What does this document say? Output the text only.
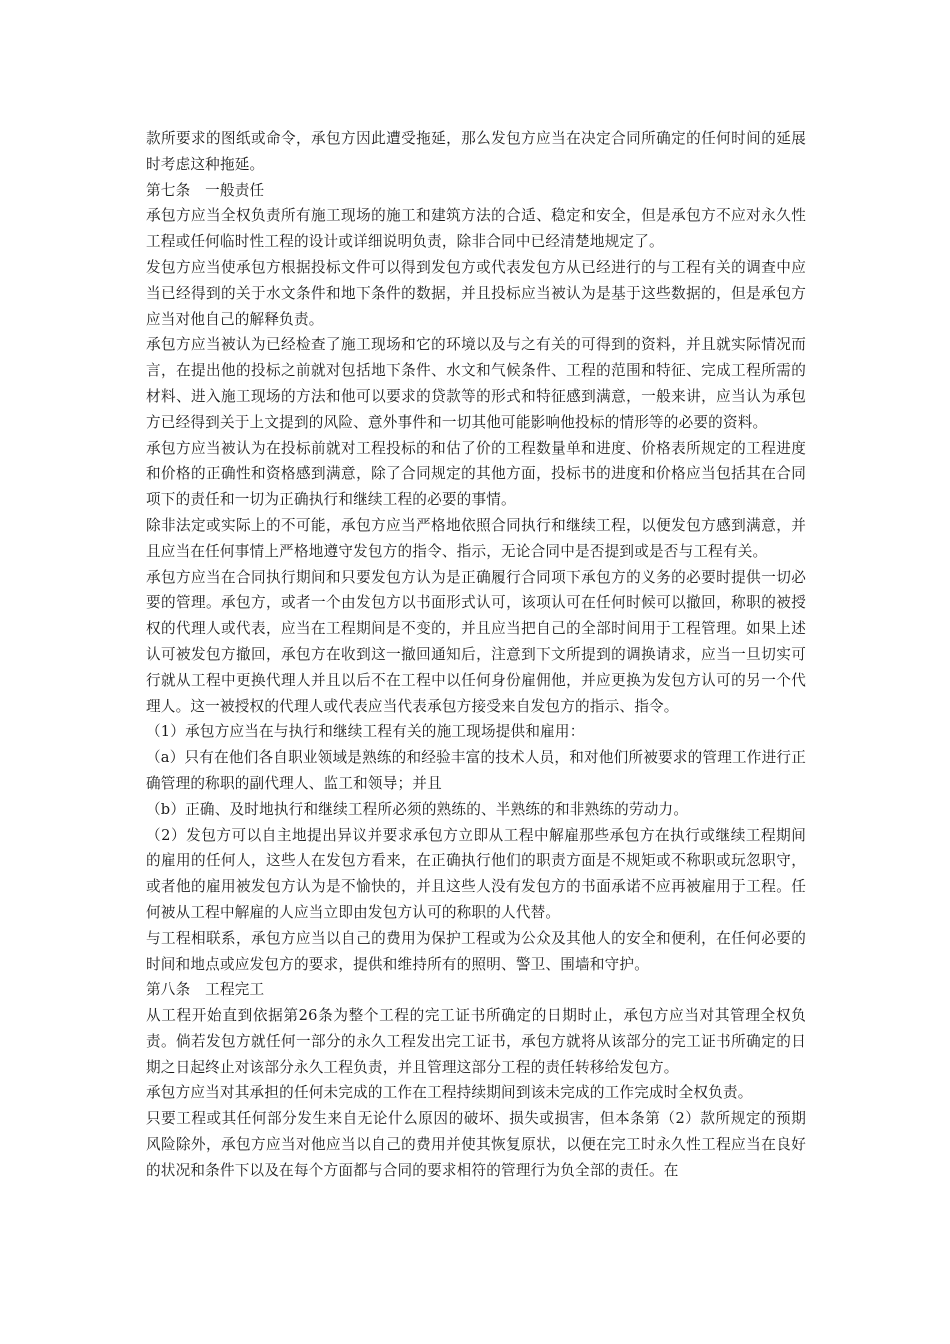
款所要求的图纸或命令，承包方因此遭受拖延，那么发包方应当在决定合同所确定的任何时间的延展时考虑这种拖延。

第七条　一般责任

承包方应当全权负责所有施工现场的施工和建筑方法的合适、稳定和安全，但是承包方不应对永久性工程或任何临时性工程的设计或详细说明负责，除非合同中已经清楚地规定了。

发包方应当使承包方根据投标文件可以得到发包方或代表发包方从已经进行的与工程有关的调查中应当已经得到的关于水文条件和地下条件的数据，并且投标应当被认为是基于这些数据的，但是承包方应当对他自己的解释负责。

承包方应当被认为已经检查了施工现场和它的环境以及与之有关的可得到的资料，并且就实际情况而言，在提出他的投标之前就对包括地下条件、水文和气候条件、工程的范围和特征、完成工程所需的材料、进入施工现场的方法和他可以要求的贷款等的形式和特征感到满意，一般来讲，应当认为承包方已经得到关于上文提到的风险、意外事件和一切其他可能影响他投标的情形等的必要的资料。

承包方应当被认为在投标前就对工程投标的和估了价的工程数量单和进度、价格表所规定的工程进度和价格的正确性和资格感到满意，除了合同规定的其他方面，投标书的进度和价格应当包括其在合同项下的责任和一切为正确执行和继续工程的必要的事情。

除非法定或实际上的不可能，承包方应当严格地依照合同执行和继续工程，以便发包方感到满意，并且应当在任何事情上严格地遵守发包方的指令、指示，无论合同中是否提到或是否与工程有关。

承包方应当在合同执行期间和只要发包方认为是正确履行合同项下承包方的义务的必要时提供一切必要的管理。承包方，或者一个由发包方以书面形式认可，该项认可在任何时候可以撤回，称职的被授权的代理人或代表，应当在工程期间是不变的，并且应当把自己的全部时间用于工程管理。如果上述认可被发包方撤回，承包方在收到这一撤回通知后，注意到下文所提到的调换请求，应当一旦切实可行就从工程中更换代理人并且以后不在工程中以任何身份雇佣他，并应更换为发包方认可的另一个代理人。这一被授权的代理人或代表应当代表承包方接受来自发包方的指示、指令。

（1）承包方应当在与执行和继续工程有关的施工现场提供和雇用：

（a）只有在他们各自职业领域是熟练的和经验丰富的技术人员，和对他们所被要求的管理工作进行正确管理的称职的副代理人、监工和领导；并且

（b）正确、及时地执行和继续工程所必须的熟练的、半熟练的和非熟练的劳动力。

（2）发包方可以自主地提出异议并要求承包方立即从工程中解雇那些承包方在执行或继续工程期间的雇用的任何人，这些人在发包方看来，在正确执行他们的职责方面是不规矩或不称职或玩忽职守，或者他的雇用被发包方认为是不愉快的，并且这些人没有发包方的书面承诺不应再被雇用于工程。任何被从工程中解雇的人应当立即由发包方认可的称职的人代替。

与工程相联系，承包方应当以自己的费用为保护工程或为公众及其他人的安全和便利，在任何必要的时间和地点或应发包方的要求，提供和维持所有的照明、警卫、围墙和守护。

第八条　工程完工

从工程开始直到依据第26条为整个工程的完工证书所确定的日期时止，承包方应当对其管理全权负责。倘若发包方就任何一部分的永久工程发出完工证书，承包方就将从该部分的完工证书所确定的日期之日起终止对该部分永久工程负责，并且管理这部分工程的责任转移给发包方。

承包方应当对其承担的任何未完成的工作在工程持续期间到该未完成的工作完成时全权负责。

只要工程或其任何部分发生来自无论什么原因的破坏、损失或损害，但本条第（2）款所规定的预期风险除外，承包方应当对他应当以自己的费用并使其恢复原状，以便在完工时永久性工程应当在良好的状况和条件下以及在每个方面都与合同的要求相符的管理行为负全部的责任。在
